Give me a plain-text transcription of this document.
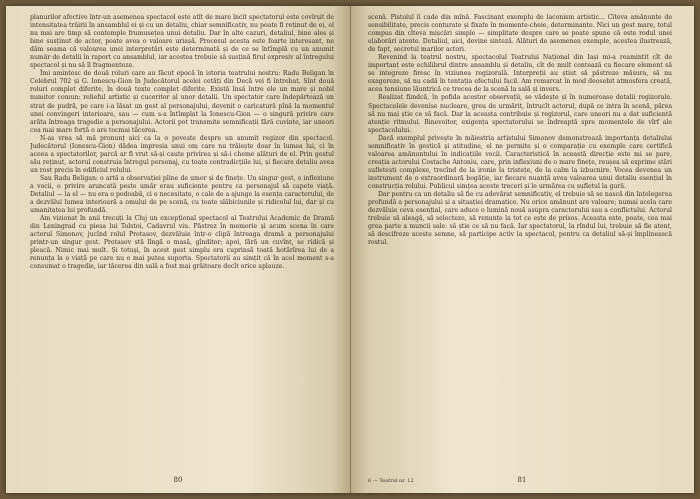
planurilor afective într-un asemenea spectacol este atît de mare încît spectatorul este covîrșit de intensitatea trăirii în ansamblul ei și cu un detaliu, chiar semnificativ, nu poate fi reținut de ei, el nu mai are timp să contemple frumusețea unui detaliu. Dar în alte cazuri, detaliul, bine ales și bine susținut de actor, poate avea o valoare uriașă. Procesul acesta este foarte interesant, ne dăm seama că valoarea unei interpretări este determinată și de ce se întîmplă cu un anumit număr de detalii în raport cu ansamblul, iar acestea trebuie să susțină firul expresiv al întregului spectacol și nu să îl fragmenteze.

Îmi amintesc de două roluri care au făcut epocă în istoria teatrului nostru: Radu Beligan în Celebrul 702 și G. Ionescu-Gion în Judecătorul acelei cetăți din Decă vei fi întrebat. Sînt două roluri complet diferite, în două texte complet diferite. Există însă între ele un mare și nobil numitor comun: relieful artistic și cuceritor al unor detalii. Un spectator care îndepărtează un strat de pudră, pe care i-a lăsat un gest al personajului, devenit o caricatură pînă la momentul unei convingeri interioare, sau — cum s-a întîmplat la Ionescu-Gion — o singură privire care arăta întreaga tragedie a personajului. Actorii pot transmite semnificații fără cuvinte, iar uneori cea mai mare forță o are tocmai tăcerea.

N-as vrea să mă pronunț aici ca la o poveste despre un anumit regizor din spectacol. Judecătorul (Ionescu-Gion) dădea impresia unui om care nu trăiește doar în lumea lui, ci în aceea a spectatorilor, parcă ar fi vrut să-și caute privirea și să-i cheme alături de el. Prin gestul său reținut, actorul construia întregul personaj, cu toate contradicțiile lui, și fiecare detaliu avea un rost precis în edificiul rolului.

Sau Radu Beligan: o artă a observației pline de umor și de finețe. Un singur gest, o inflexiune a vocii, o privire aruncată peste umăr erau suficiente pentru ca personajul să capete viață. Detaliul — la el — nu era o podoabă, ci o necesitate, o cale de a ajunge la esența caracterului, de a dezvălui lumea interioară a omului de pe scenă, cu toate slăbiciunile și ridicolul lui, dar și cu umanitatea lui profundă.

Am vizionat în anii trecuți la Cluj un excepțional spectacol al Teatrului Academic de Dramă din Leningrad cu piesa lui Tolstoi, Cadavrul viu. Păstrez în memorie și acum scena în care actorul Simonov, jucînd rolul Protasov, dezvăluie într-o clipă întreaga dramă a personajului printr-un singur gest. Protasov stă lîngă o masă, gînditor; apoi, fără un cuvînt, se ridică și pleacă. Nimic mai mult. Și totuși, în acest gest simplu era cuprinsă toată hotărîrea lui de a renunța la o viață pe care nu o mai putea suporta. Spectatorii au simțit că în acel moment s-a consumat o tragedie, iar tăcerea din sală a fost mai grăitoare decît orice aplauze.

80

scenă. Pistolul îi cade din mînă. Fascinant exemplu de laconism artistic... Cîteva amănunte de sensibilitate, precis conturate și fixate în momente-cheie, determinante. Nici un gest mare, totul compus din cîteva mișcări simple — simplitate despre care se poate spune că este rodul unei elaborări atente. Detaliul, aici, devine sinteză. Alături de asemenea exemple, acestea ilustrează, de fapt, secretul marilor actori.

Revenind la teatrul nostru, spectacolul Teatrului Național din Iași mi-a reamintit cît de important este echilibrul dintre ansamblu și detaliu, cît de mult contează ca fiecare element să se integreze firesc în viziunea regizorală. Interpreții au știut să păstreze măsura, să nu exagereze, să nu cadă în tentația efectului facil. Am remarcat în mod deosebit atmosfera creată, acea tensiune lăuntrică ce trecea de la scenă la sală și invers.

Realizat fiindcă, în pofida acestor observații, se vădește și în numeroase detalii regizorale. Spectacolele devenise nucleare, greu de urmărit, întrucît actorul, după ce intra în scenă, părea să nu mai știe ce să facă. Dar la aceasta contribuie și regizorul, care uneori nu a dat suficientă atenție ritmului. Binevoitor, exigența spectatorului se îndreaptă spre momentele de vîrf ale spectacolului.

Dacă exemplul privește în măiestria artistului Simonov demonstrează importanța detaliului semnificativ în gestică și atitudine, el ne permite și o comparație cu exemple care certifică valoarea amănuntului în indicațiile vocii. Caracteristică în această direcție este mi se pare, creația actorului Costache Antoniu, care, prin inflexiuni de o mare finețe, reușea să exprime stări sufletești complexe, trecînd de la ironie la tristețe, de la calm la izbucnire. Vocea devenea un instrument de o extraordinară bogăție, iar fiecare nuanță avea valoarea unui detaliu esențial în construcția rolului. Publicul simțea aceste treceri și le urmărea cu sufletul la gură.

Dar pentru ca un detaliu să fie cu adevărat semnificativ, el trebuie să se nască din înțelegerea profundă a personajului și a situației dramatice. Nu orice amănunt are valoare; numai acela care dezvăluie ceva esențial, care aduce o lumină nouă asupra caracterului sau a conflictului. Actorul trebuie să aleagă, să selecteze, să renunțe la tot ce este de prisos. Aceasta este, poate, cea mai grea parte a muncii sale: să știe ce să nu facă. Iar spectatorul, la rîndul lui, trebuie să fie atent, să descifreze aceste semne, să participe activ la spectacol, pentru ca detaliul să-și împlinească rostul.

6 — Teatrul nr. 12	81
